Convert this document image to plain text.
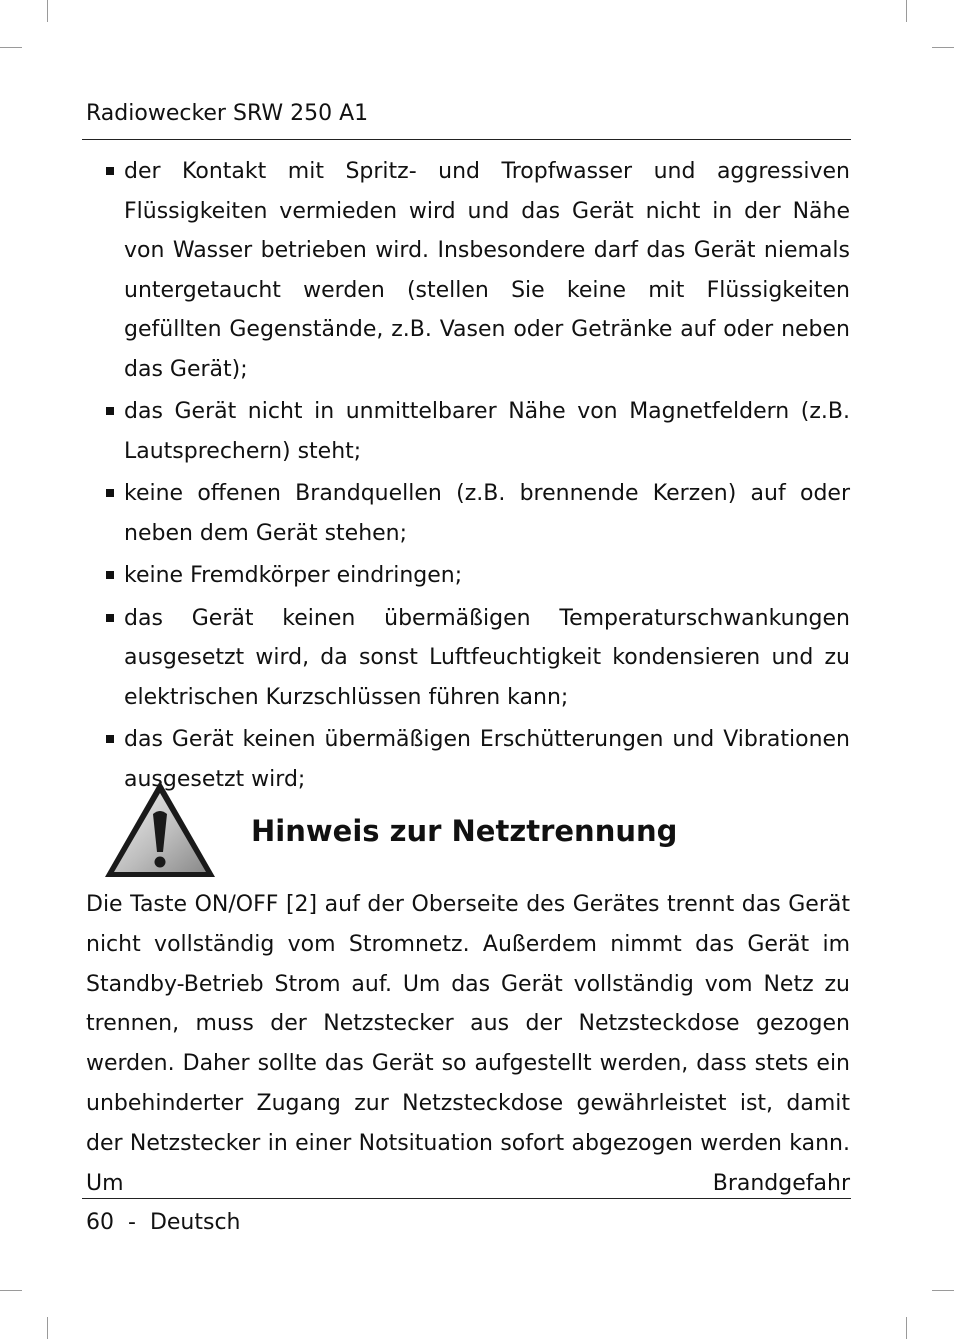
Radiowecker SRW 250 A1
der Kontakt mit Spritz- und Tropfwasser und aggressiven Flüssigkeiten vermieden wird und das Gerät nicht in der Nähe von Wasser betrieben wird. Insbesondere darf das Gerät niemals untergetaucht werden (stellen Sie keine mit Flüssigkeiten gefüllten Gegenstände, z.B. Vasen oder Getränke auf oder neben das Gerät);
das Gerät nicht in unmittelbarer Nähe von Magnetfeldern (z.B. Lautsprechern) steht;
keine offenen Brandquellen (z.B. brennende Kerzen) auf oder neben dem Gerät stehen;
keine Fremdkörper eindringen;
das Gerät keinen übermäßigen Temperaturschwankungen ausgesetzt wird, da sonst Luftfeuchtigkeit kondensieren und zu elektrischen Kurzschlüssen führen kann;
das Gerät keinen übermäßigen Erschütterungen und Vibrationen ausgesetzt wird;
Hinweis zur Netztrennung

Die Taste ON/OFF [2] auf der Oberseite des Gerätes trennt das Gerät nicht vollständig vom Stromnetz. Außerdem nimmt das Gerät im Standby-Betrieb Strom auf. Um das Gerät vollständig vom Netz zu trennen, muss der Netzstecker aus der Netzsteckdose gezogen werden. Daher sollte das Gerät so aufgestellt werden, dass stets ein unbehinderter Zugang zur Netzsteckdose gewährleistet ist, damit der Netzstecker in einer Notsituation sofort abgezogen werden kann. Um Brandgefahr

60 - Deutsch
